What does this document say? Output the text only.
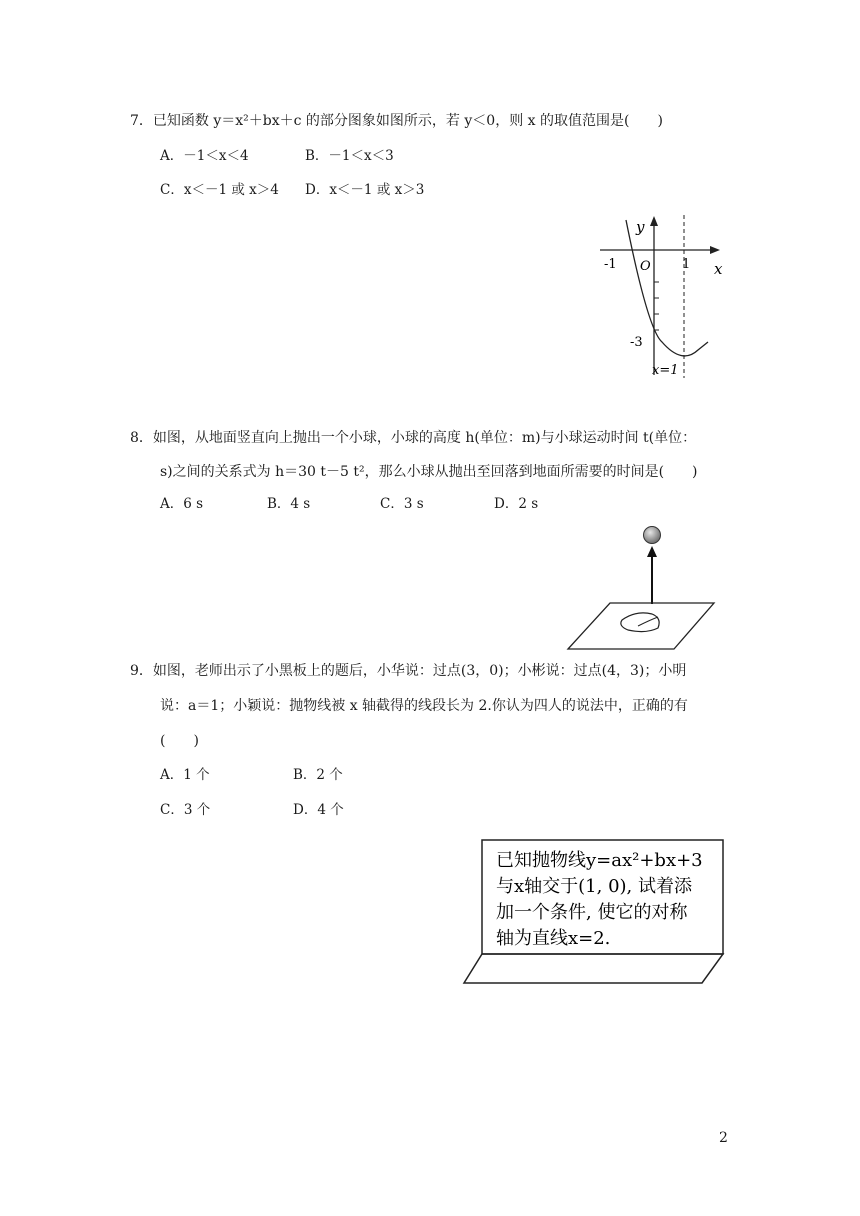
7．已知函数 y＝x²＋bx＋c 的部分图象如图所示，若 y＜0，则 x 的取值范围是(　　)
A．－1＜x＜4	B．－1＜x＜3
C．x＜－1 或 x＞4 D．x＜－1 或 x＞3
y
x
O
-1	1
-3
x=1
8．如图，从地面竖直向上抛出一个小球，小球的高度 h(单位：m)与小球运动时间 t(单位：
s)之间的关系式为 h＝30 t－5 t²，那么小球从抛出至回落到地面所需要的时间是(　　)
A．6 s	B．4 s	C．3 s	D．2 s
9．如图，老师出示了小黑板上的题后，小华说：过点(3，0)；小彬说：过点(4，3)；小明
说：a＝1；小颖说：抛物线被 x 轴截得的线段长为 2.你认为四人的说法中，正确的有
(　　)
A．1 个	B．2 个
C．3 个	D．4 个
已知抛物线y=ax²+bx+3
与x轴交于(1, 0), 试着添
加一个条件, 使它的对称
轴为直线x=2.
2
